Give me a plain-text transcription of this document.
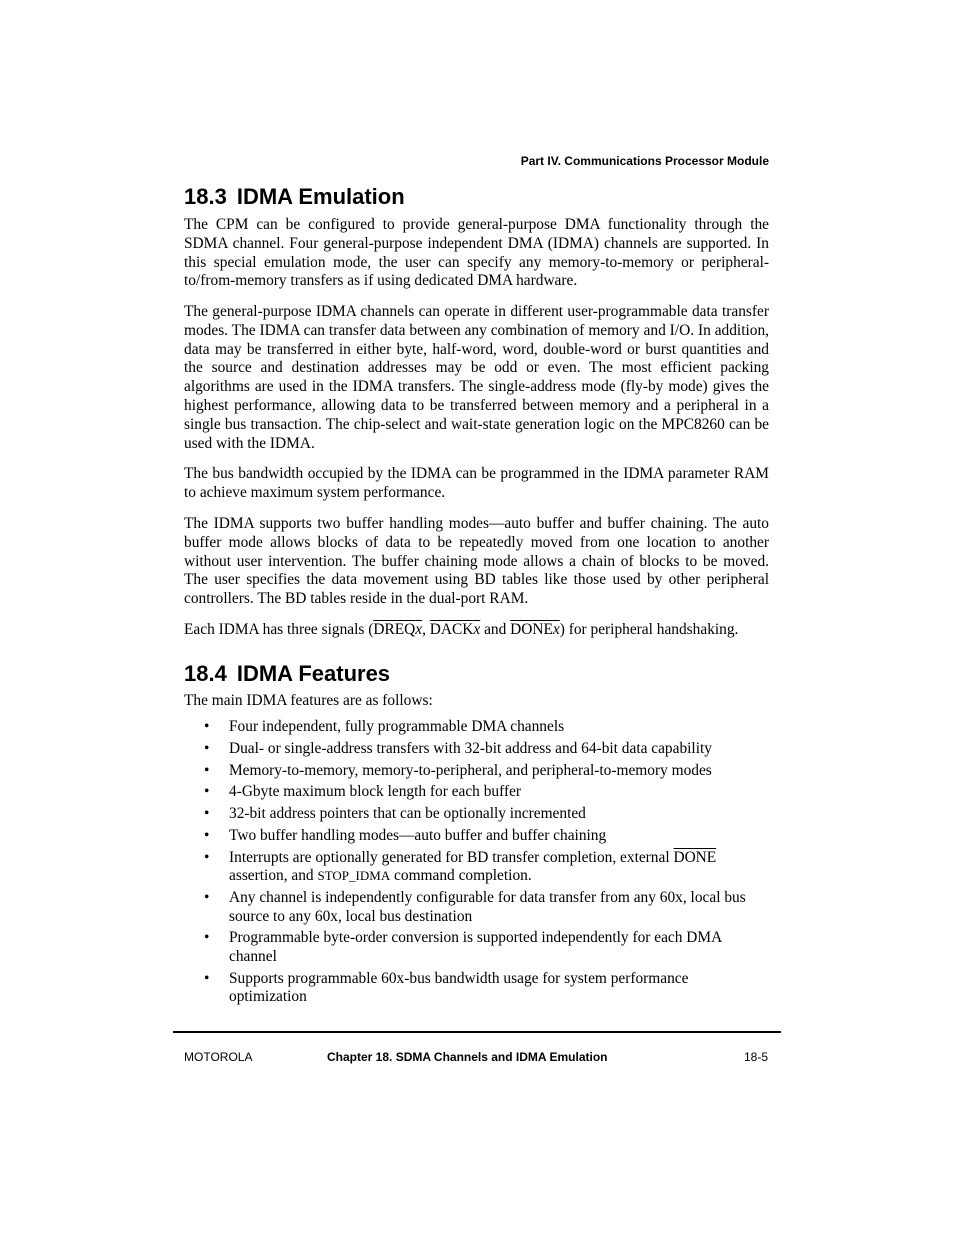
Part IV. Communications Processor Module
18.3 IDMA Emulation

The CPM can be configured to provide general-purpose DMA functionality through the SDMA channel. Four general-purpose independent DMA (IDMA) channels are supported. In this special emulation mode, the user can specify any memory-to-memory or peripheral-to/from-memory transfers as if using dedicated DMA hardware.

The general-purpose IDMA channels can operate in different user-programmable data transfer modes. The IDMA can transfer data between any combination of memory and I/O. In addition, data may be transferred in either byte, half-word, word, double-word or burst quantities and the source and destination addresses may be odd or even. The most efficient packing algorithms are used in the IDMA transfers. The single-address mode (fly-by mode) gives the highest performance, allowing data to be transferred between memory and a peripheral in a single bus transaction. The chip-select and wait-state generation logic on the MPC8260 can be used with the IDMA.

The bus bandwidth occupied by the IDMA can be programmed in the IDMA parameter RAM to achieve maximum system performance.

The IDMA supports two buffer handling modes—auto buffer and buffer chaining. The auto buffer mode allows blocks of data to be repeatedly moved from one location to another without user intervention. The buffer chaining mode allows a chain of blocks to be moved. The user specifies the data movement using BD tables like those used by other peripheral controllers. The BD tables reside in the dual-port RAM.

Each IDMA has three signals (DREQx, DACKx and DONEx) for peripheral handshaking.

18.4 IDMA Features

The main IDMA features are as follows:

• Four independent, fully programmable DMA channels
• Dual- or single-address transfers with 32-bit address and 64-bit data capability
• Memory-to-memory, memory-to-peripheral, and peripheral-to-memory modes
• 4-Gbyte maximum block length for each buffer
• 32-bit address pointers that can be optionally incremented
• Two buffer handling modes—auto buffer and buffer chaining
• Interrupts are optionally generated for BD transfer completion, external DONE assertion, and STOP_IDMA command completion.
• Any channel is independently configurable for data transfer from any 60x, local bus source to any 60x, local bus destination
• Programmable byte-order conversion is supported independently for each DMA channel
• Supports programmable 60x-bus bandwidth usage for system performance optimization
MOTOROLA	Chapter 18. SDMA Channels and IDMA Emulation	18-5
